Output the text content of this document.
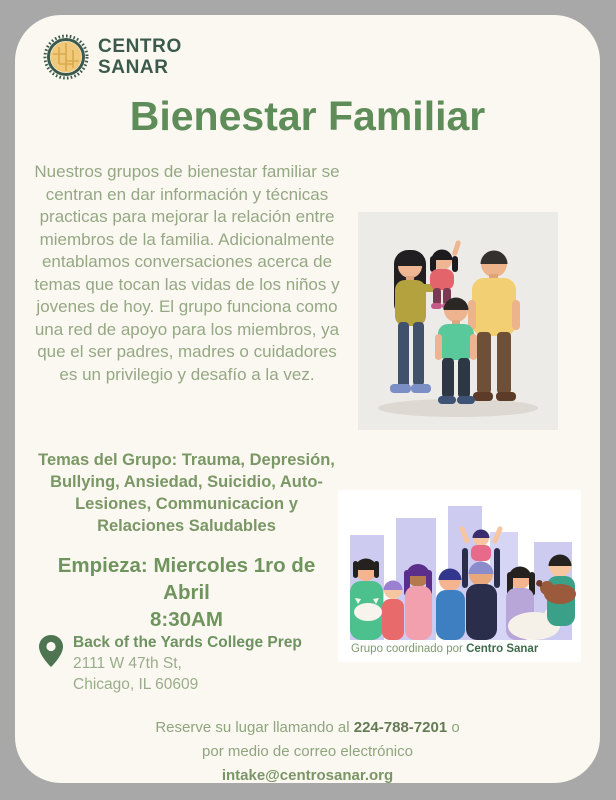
CENTRO
SANAR
Bienestar Familiar
Nuestros grupos de bienestar familiar se centran en dar información y técnicas practicas para mejorar la relación entre miembros de la familia. Adicionalmente entablamos conversaciones acerca de temas que tocan las vidas de los niños y jovenes de hoy. El grupo funciona como una red de apoyo para los miembros, ya que el ser padres, madres o cuidadores es un privilegio y desafío a la vez.
Temas del Grupo: Trauma, Depresión, Bullying, Ansiedad, Suicidio, Auto-Lesiones, Communicacion y Relaciones Saludables
Empieza: Miercoles 1ro de Abril
8:30AM
Grupo coordinado por Centro Sanar
Back of the Yards College Prep
2111 W 47th St,
Chicago, IL 60609
Reserve su lugar llamando al 224-788-7201 o
por medio de correo electrónico
intake@centrosanar.org
